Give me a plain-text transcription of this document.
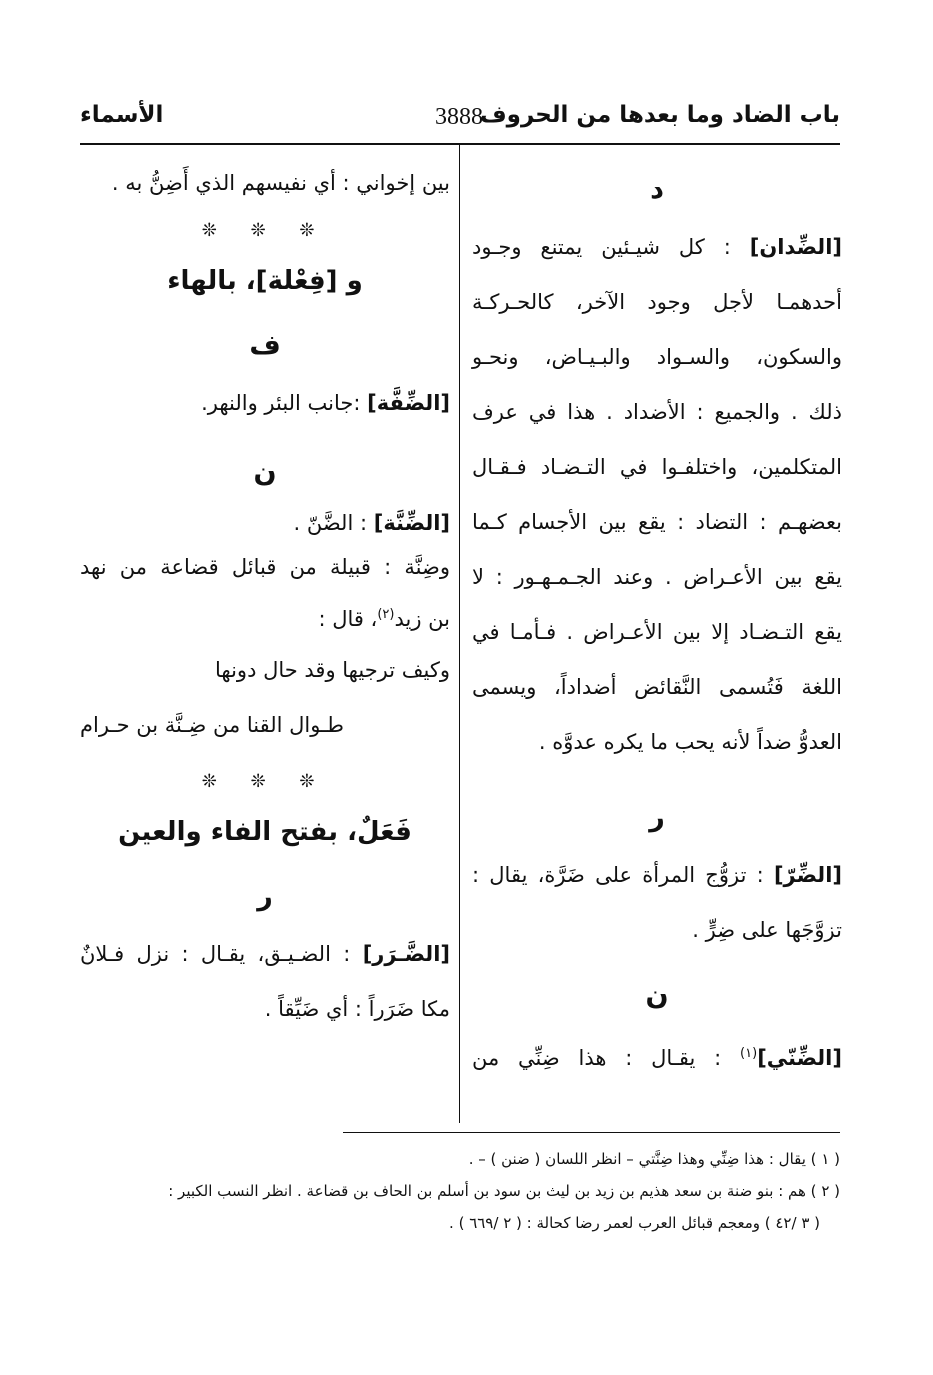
باب الضاد وما بعدها من الحروف
3888
الأسماء

د

[الضِّدان] : كل شيـئين يمتنع وجـود

أحدهمـا لأجل وجود الآخر، كالحـركـة

والسكون، والسـواد والبـيـاض، ونحـو

ذلك . والجميع : الأضداد . هذا في عرف

المتكلمين، واختلفـوا في التـضـاد فـقـال

بعضهـم : التضاد : يقع بين الأجسام كـما

يقع بين الأعـراض . وعند الجـمـهـور : لا

يقع التـضـاد إلا بين الأعـراض . فـأمـا في

اللغة فَتُسمى النَّقائض أضداداً، ويسمى

العدوُّ ضداً لأنه يحب ما يكره عدوَّه .

ر

[الضِّرّ] : تزوُّج المرأة على ضَرَّة، يقال :

تزوَّجَها على ضِرٍّ .

ن

[الضِّنّي]$^{(١)}$ : يقـال : هذا ضِنِّي من

بين إخواني : أي نفيسهم الذي أَضِنُّ به .

❊ ❊ ❊

و [فِعْلة]، بالهاء

ف

[الضِّفَّة] :جانب البئر والنهر.

ن

[الضِّنَّة] : الضَّنّ .

وضِنَّة : قبيلة من قبائل قضاعة من نهد

بن زيد$^{(٢)}$، قال :

وكيف ترجيها وقد حال دونها

طـوال القنا من ضِـنَّة بن حـرام

❊ ❊ ❊

فَعَلٌ، بفتح الفاء والعين

ر

[الضَّـرَر] : الضـيـق، يقـال : نزل فـلانٌ

مكا ضَرَراً : أي ضَيِّقاً .

( ١ ) يقال : هذا ضِنِّي وهذا ضِنَّتي – انظر اللسان ( ضنن ) – .

( ٢ ) هم : بنو ضنة بن سعد هذيم بن زيد بن ليث بن سود بن أسلم بن الحاف بن قضاعة . انظر النسب الكبير :

( ٣ /٤٢ ) ومعجم قبائل العرب لعمر رضا كحالة : ( ٢ /٦٦٩ ) .
